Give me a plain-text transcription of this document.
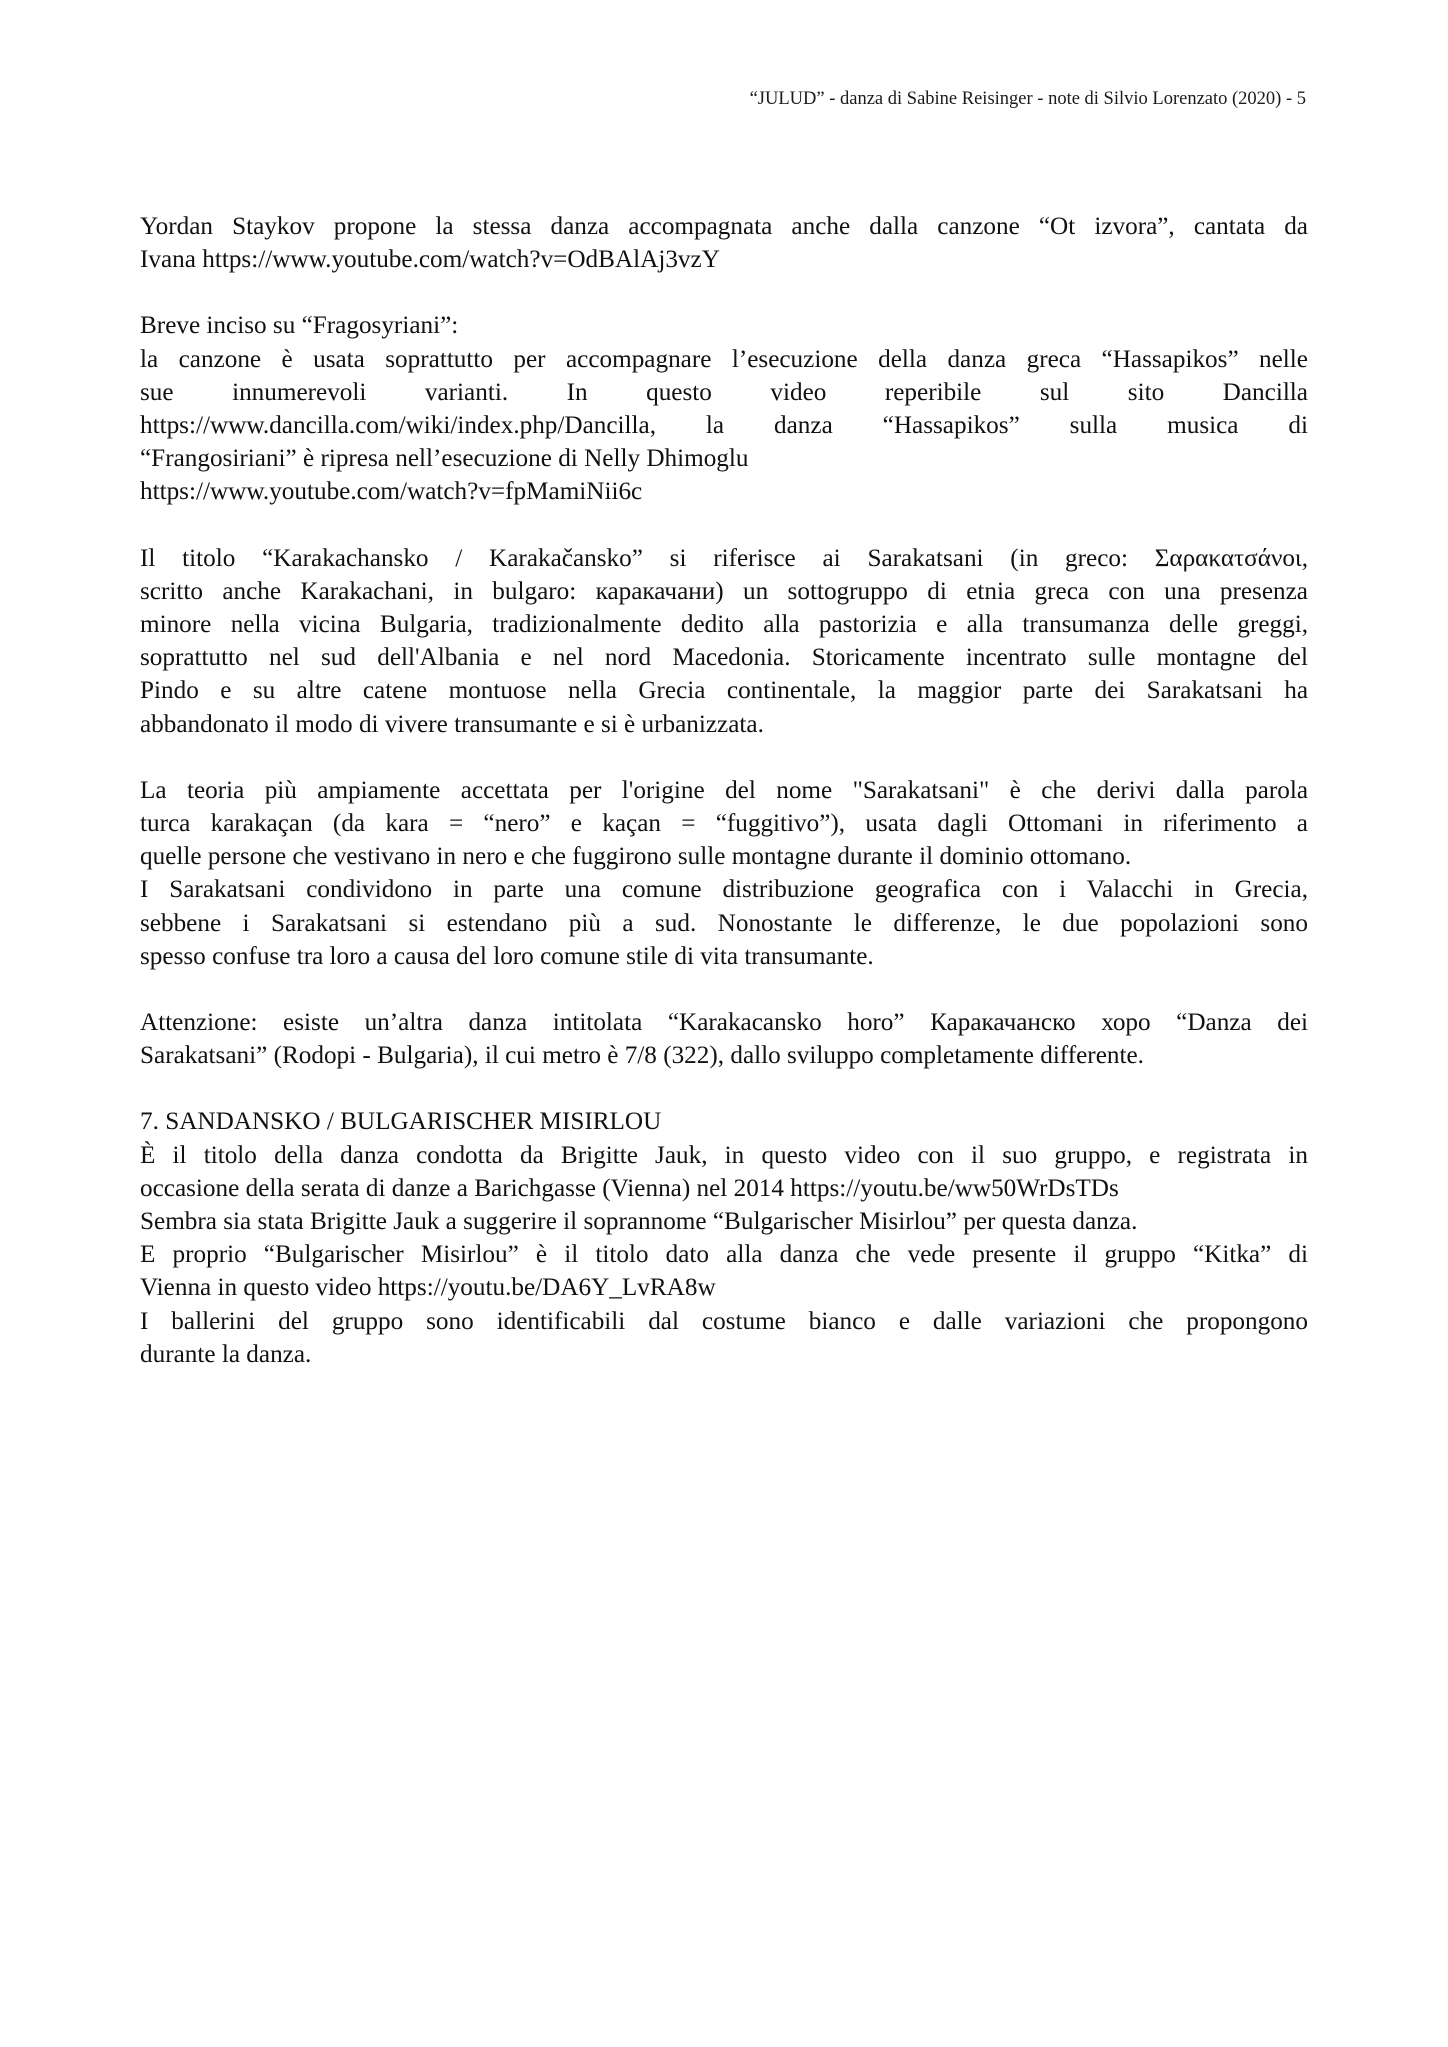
“JULUD” - danza di Sabine Reisinger - note di Silvio Lorenzato (2020) - 5
Yordan Staykov propone la stessa danza accompagnata anche dalla canzone “Ot izvora”, cantata da
Ivana https://www.youtube.com/watch?v=OdBAlAj3vzY
Breve inciso su “Fragosyriani”:
la canzone è usata soprattutto per accompagnare l’esecuzione della danza greca “Hassapikos” nelle
sue innumerevoli varianti. In questo video reperibile sul sito Dancilla
https://www.dancilla.com/wiki/index.php/Dancilla, la danza “Hassapikos” sulla musica di
“Frangosiriani” è ripresa nell’esecuzione di Nelly Dhimoglu
https://www.youtube.com/watch?v=fpMamiNii6c
Il titolo “Karakachansko / Karakačansko” si riferisce ai Sarakatsani (in greco: Σαρακατσάνοι,
scritto anche Karakachani, in bulgaro: каракачани) un sottogruppo di etnia greca con una presenza
minore nella vicina Bulgaria, tradizionalmente dedito alla pastorizia e alla transumanza delle greggi,
soprattutto nel sud dell'Albania e nel nord Macedonia. Storicamente incentrato sulle montagne del
Pindo e su altre catene montuose nella Grecia continentale, la maggior parte dei Sarakatsani ha
abbandonato il modo di vivere transumante e si è urbanizzata.
La teoria più ampiamente accettata per l'origine del nome "Sarakatsani" è che derivi dalla parola
turca karakaçan (da kara = “nero” e kaçan = “fuggitivo”), usata dagli Ottomani in riferimento a
quelle persone che vestivano in nero e che fuggirono sulle montagne durante il dominio ottomano.
I Sarakatsani condividono in parte una comune distribuzione geografica con i Valacchi in Grecia,
sebbene i Sarakatsani si estendano più a sud. Nonostante le differenze, le due popolazioni sono
spesso confuse tra loro a causa del loro comune stile di vita transumante.
Attenzione: esiste un’altra danza intitolata “Karakacansko horo” Каракачанско хоро “Danza dei
Sarakatsani” (Rodopi - Bulgaria), il cui metro è 7/8 (322), dallo sviluppo completamente differente.
7. SANDANSKO / BULGARISCHER MISIRLOU
È il titolo della danza condotta da Brigitte Jauk, in questo video con il suo gruppo, e registrata in
occasione della serata di danze a Barichgasse (Vienna) nel 2014 https://youtu.be/ww50WrDsTDs
Sembra sia stata Brigitte Jauk a suggerire il soprannome “Bulgarischer Misirlou” per questa danza.
E proprio “Bulgarischer Misirlou” è il titolo dato alla danza che vede presente il gruppo “Kitka” di
Vienna in questo video https://youtu.be/DA6Y_LvRA8w
I ballerini del gruppo sono identificabili dal costume bianco e dalle variazioni che propongono
durante la danza.
